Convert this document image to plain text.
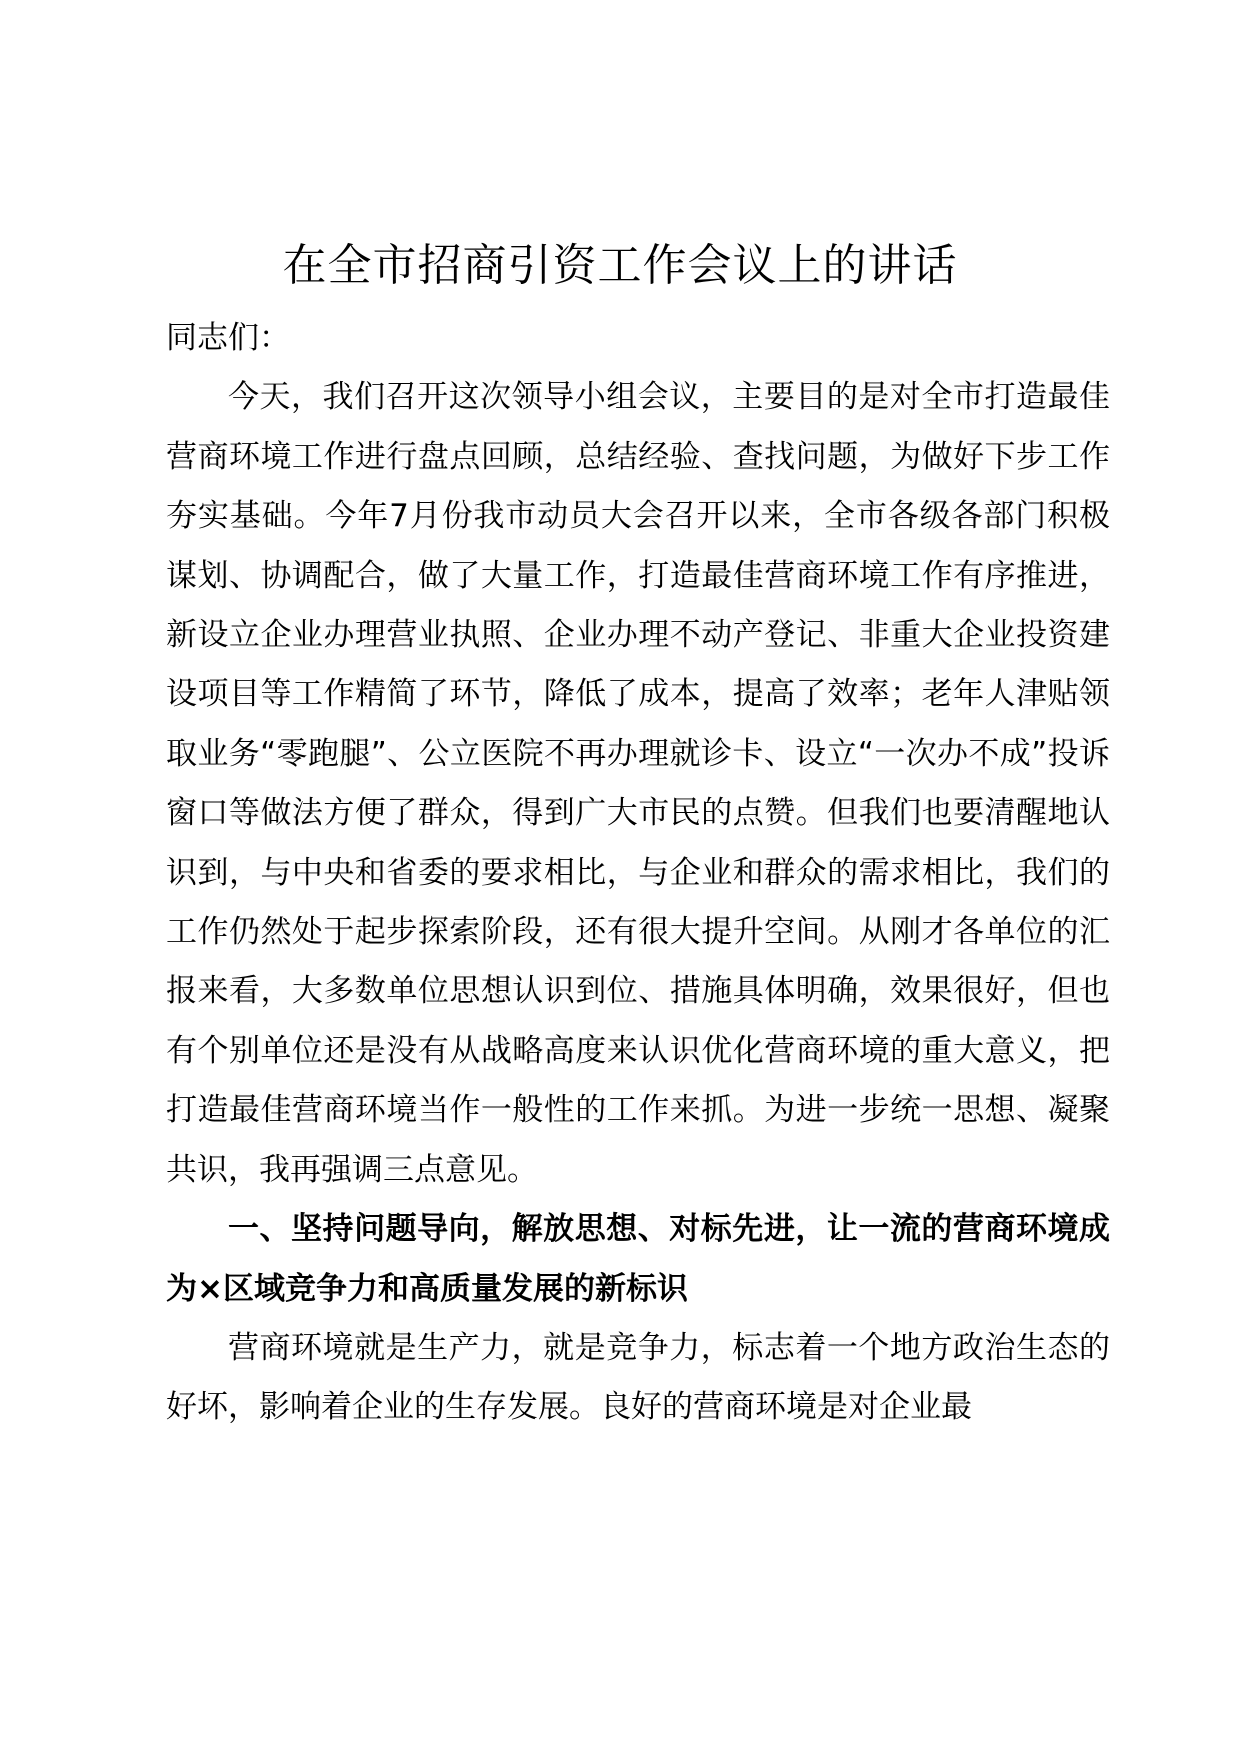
在全市招商引资工作会议上的讲话

同志们：

今天，我们召开这次领导小组会议，主要目的是对全市打造最佳营商环境工作进行盘点回顾，总结经验、查找问题，为做好下步工作夯实基础。今年7月份我市动员大会召开以来，全市各级各部门积极谋划、协调配合，做了大量工作，打造最佳营商环境工作有序推进，新设立企业办理营业执照、企业办理不动产登记、非重大企业投资建设项目等工作精简了环节，降低了成本，提高了效率；老年人津贴领取业务“零跑腿”、公立医院不再办理就诊卡、设立“一次办不成”投诉窗口等做法方便了群众，得到广大市民的点赞。但我们也要清醒地认识到，与中央和省委的要求相比，与企业和群众的需求相比，我们的工作仍然处于起步探索阶段，还有很大提升空间。从刚才各单位的汇报来看，大多数单位思想认识到位、措施具体明确，效果很好，但也有个别单位还是没有从战略高度来认识优化营商环境的重大意义，把打造最佳营商环境当作一般性的工作来抓。为进一步统一思想、凝聚共识，我再强调三点意见。

一、坚持问题导向，解放思想、对标先进，让一流的营商环境成为×区域竞争力和高质量发展的新标识

营商环境就是生产力，就是竞争力，标志着一个地方政治生态的好坏，影响着企业的生存发展。良好的营商环境是对企业最
